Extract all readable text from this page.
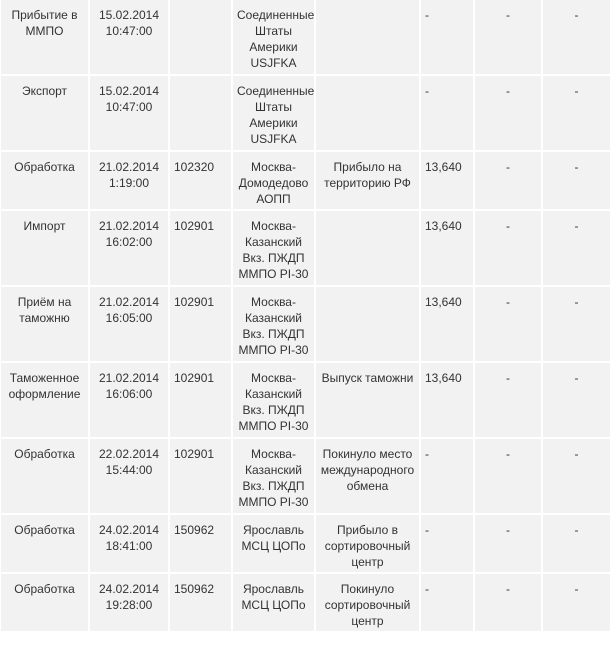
Прибытие в ММПО	15.02.2014 10:47:00		Соединенные Штаты Америки USJFKA		-	-	-
Экспорт	15.02.2014 10:47:00		Соединенные Штаты Америки USJFKA		-	-	-
Обработка	21.02.2014 1:19:00	102320	Москва-Домодедово АОПП	Прибыло на территорию РФ	13,640	-	-
Импорт	21.02.2014 16:02:00	102901	Москва-Казанский Вкз. ПЖДП ММПО PI-30		13,640	-	-
Приём на таможню	21.02.2014 16:05:00	102901	Москва-Казанский Вкз. ПЖДП ММПО PI-30		13,640	-	-
Таможенное оформление	21.02.2014 16:06:00	102901	Москва-Казанский Вкз. ПЖДП ММПО PI-30	Выпуск таможни	13,640	-	-
Обработка	22.02.2014 15:44:00	102901	Москва-Казанский Вкз. ПЖДП ММПО PI-30	Покинуло место международного обмена	-	-	-
Обработка	24.02.2014 18:41:00	150962	Ярославль МСЦ ЦОПо	Прибыло в сортировочный центр	-	-	-
Обработка	24.02.2014 19:28:00	150962	Ярославль МСЦ ЦОПо	Покинуло сортировочный центр	-	-	-
